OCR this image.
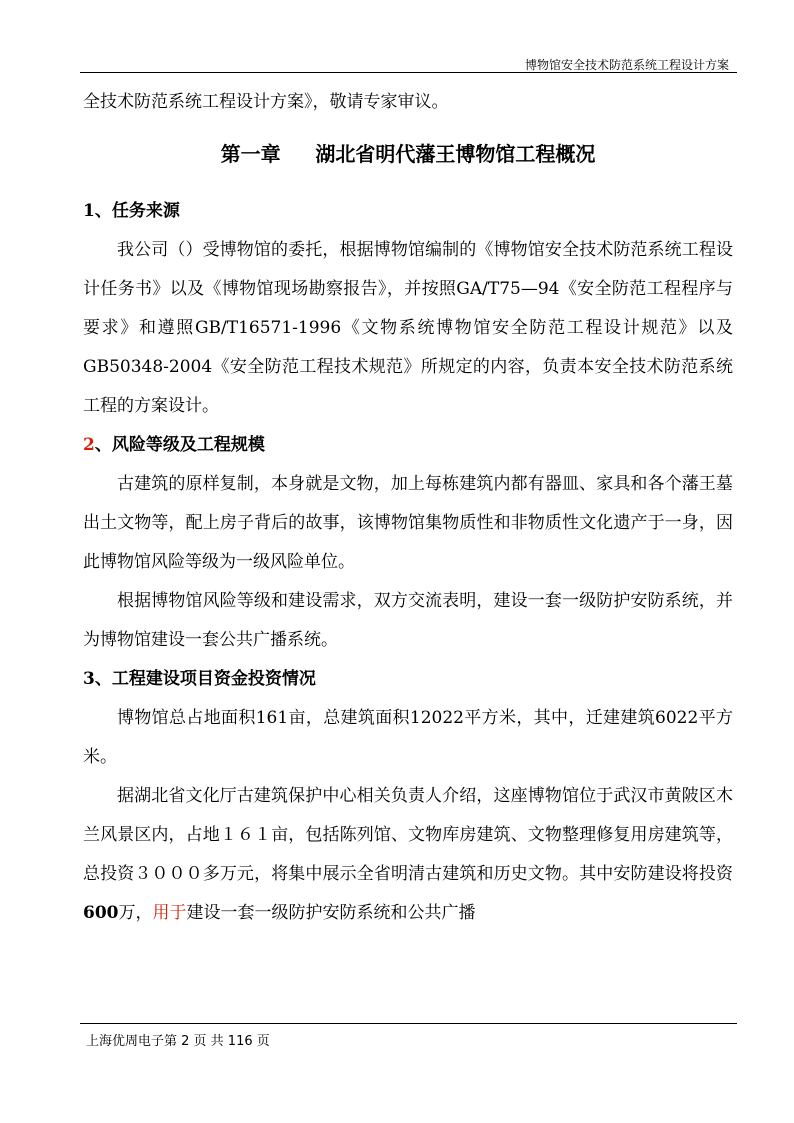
博物馆安全技术防范系统工程设计方案

全技术防范系统工程设计方案》，敬请专家审议。

第一章 湖北省明代藩王博物馆工程概况

1、任务来源

我公司（）受博物馆的委托，根据博物馆编制的《博物馆安全技术防范系统工程设计任务书》以及《博物馆现场勘察报告》，并按照GA/T75—94《安全防范工程程序与要求》和遵照GB/T16571-1996《文物系统博物馆安全防范工程设计规范》以及GB50348-2004《安全防范工程技术规范》所规定的内容，负责本安全技术防范系统工程的方案设计。

2、风险等级及工程规模

古建筑的原样复制，本身就是文物，加上每栋建筑内都有器皿、家具和各个藩王墓出土文物等，配上房子背后的故事，该博物馆集物质性和非物质性文化遗产于一身，因此博物馆风险等级为一级风险单位。

根据博物馆风险等级和建设需求，双方交流表明，建设一套一级防护安防系统，并为博物馆建设一套公共广播系统。

3、工程建设项目资金投资情况

博物馆总占地面积161亩，总建筑面积12022平方米，其中，迁建建筑6022平方米。

据湖北省文化厅古建筑保护中心相关负责人介绍，这座博物馆位于武汉市黄陂区木兰风景区内，占地１６１亩，包括陈列馆、文物库房建筑、文物整理修复用房建筑等，总投资３０００多万元，将集中展示全省明清古建筑和历史文物。其中安防建设将投资600万，用于建设一套一级防护安防系统和公共广播

上海优周电子第 2 页 共 116 页
